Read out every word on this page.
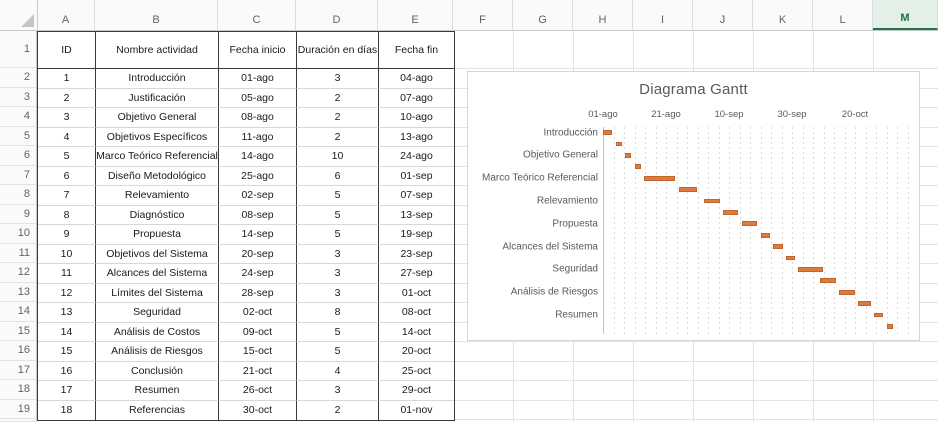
A	B	C	D	E	F	G	H	I	J	K	L	M
1
2
3
4
5
6
7
8
9
10
11
12
13
14
15
16
17
18
19
ID	Nombre actividad	Fecha inicio	Duración en días	Fecha fin
1	Introducción	01-ago	3	04-ago
2	Justificación	05-ago	2	07-ago
3	Objetivo General	08-ago	2	10-ago
4	Objetivos Específicos	11-ago	2	13-ago
5	Marco Teórico Referencial	14-ago	10	24-ago
6	Diseño Metodológico	25-ago	6	01-sep
7	Relevamiento	02-sep	5	07-sep
8	Diagnóstico	08-sep	5	13-sep
9	Propuesta	14-sep	5	19-sep
10	Objetivos del Sistema	20-sep	3	23-sep
11	Alcances del Sistema	24-sep	3	27-sep
12	Límites del Sistema	28-sep	3	01-oct
13	Seguridad	02-oct	8	08-oct
14	Análisis de Costos	09-oct	5	14-oct
15	Análisis de Riesgos	15-oct	5	20-oct
16	Conclusión	21-oct	4	25-oct
17	Resumen	26-oct	3	29-oct
18	Referencias	30-oct	2	01-nov
Diagrama Gantt
01-ago	21-ago	10-sep	30-sep	20-oct
Introducción
Objetivo General
Marco Teórico Referencial
Relevamiento
Propuesta
Alcances del Sistema
Seguridad
Análisis de Riesgos
Resumen
